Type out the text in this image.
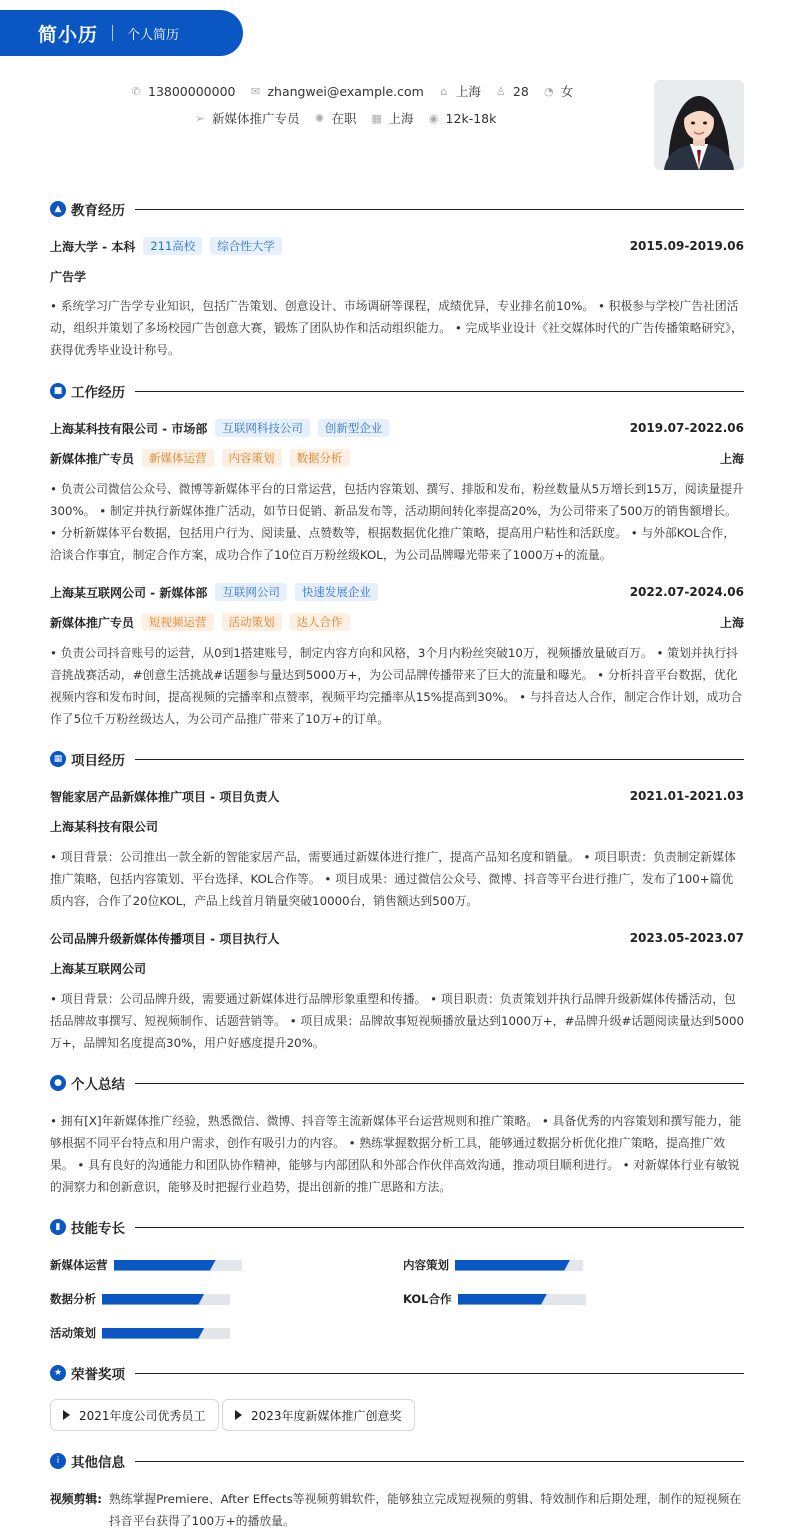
简小历 个人简历
✆ 13800000000 ✉ zhangwei@example.com ⌂ 上海 ♙ 28 ◔ 女
➢ 新媒体推广专员 ✺ 在职 ▦ 上海 ◉ 12k-18k
▲ 教育经历
上海大学 - 本科	211高校	综合性大学	2015.09-2019.06
广告学
• 系统学习广告学专业知识，包括广告策划、创意设计、市场调研等课程，成绩优异，专业排名前10%。 • 积极参与学校广告社团活动，组织并策划了多场校园广告创意大赛，锻炼了团队协作和活动组织能力。 • 完成毕业设计《社交媒体时代的广告传播策略研究》，获得优秀毕业设计称号。
■ 工作经历
上海某科技有限公司 - 市场部	互联网科技公司	创新型企业	2019.07-2022.06
新媒体推广专员	新媒体运营	内容策划	数据分析	上海
• 负责公司微信公众号、微博等新媒体平台的日常运营，包括内容策划、撰写、排版和发布，粉丝数量从5万增长到15万，阅读量提升300%。 • 制定并执行新媒体推广活动，如节日促销、新品发布等，活动期间转化率提高20%，为公司带来了500万的销售额增长。 • 分析新媒体平台数据，包括用户行为、阅读量、点赞数等，根据数据优化推广策略，提高用户粘性和活跃度。 • 与外部KOL合作，洽谈合作事宜，制定合作方案，成功合作了10位百万粉丝级KOL，为公司品牌曝光带来了1000万+的流量。
上海某互联网公司 - 新媒体部	互联网公司	快速发展企业	2022.07-2024.06
新媒体推广专员	短视频运营	活动策划	达人合作	上海
• 负责公司抖音账号的运营，从0到1搭建账号，制定内容方向和风格，3个月内粉丝突破10万，视频播放量破百万。 • 策划并执行抖音挑战赛活动，#创意生活挑战#话题参与量达到5000万+，为公司品牌传播带来了巨大的流量和曝光。 • 分析抖音平台数据，优化视频内容和发布时间，提高视频的完播率和点赞率，视频平均完播率从15%提高到30%。 • 与抖音达人合作，制定合作计划，成功合作了5位千万粉丝级达人，为公司产品推广带来了10万+的订单。
▦ 项目经历
智能家居产品新媒体推广项目 - 项目负责人	2021.01-2021.03
上海某科技有限公司
• 项目背景：公司推出一款全新的智能家居产品，需要通过新媒体进行推广，提高产品知名度和销量。 • 项目职责：负责制定新媒体推广策略，包括内容策划、平台选择、KOL合作等。 • 项目成果：通过微信公众号、微博、抖音等平台进行推广，发布了100+篇优质内容，合作了20位KOL，产品上线首月销量突破10000台，销售额达到500万。
公司品牌升级新媒体传播项目 - 项目执行人	2023.05-2023.07
上海某互联网公司
• 项目背景：公司品牌升级，需要通过新媒体进行品牌形象重塑和传播。 • 项目职责：负责策划并执行品牌升级新媒体传播活动，包括品牌故事撰写、短视频制作、话题营销等。 • 项目成果：品牌故事短视频播放量达到1000万+，#品牌升级#话题阅读量达到5000万+，品牌知名度提高30%，用户好感度提升20%。
● 个人总结
• 拥有[X]年新媒体推广经验，熟悉微信、微博、抖音等主流新媒体平台运营规则和推广策略。 • 具备优秀的内容策划和撰写能力，能够根据不同平台特点和用户需求，创作有吸引力的内容。 • 熟练掌握数据分析工具，能够通过数据分析优化推广策略，提高推广效果。 • 具有良好的沟通能力和团队协作精神，能够与内部团队和外部合作伙伴高效沟通，推动项目顺利进行。 • 对新媒体行业有敏锐的洞察力和创新意识，能够及时把握行业趋势，提出创新的推广思路和方法。
▮ 技能专长
新媒体运营	内容策划
数据分析	KOL合作
活动策划
★ 荣誉奖项
2021年度公司优秀员工	2023年度新媒体推广创意奖
i 其他信息
视频剪辑: 熟练掌握Premiere、After Effects等视频剪辑软件，能够独立完成短视频的剪辑、特效制作和后期处理，制作的短视频在抖音平台获得了100万+的播放量。
